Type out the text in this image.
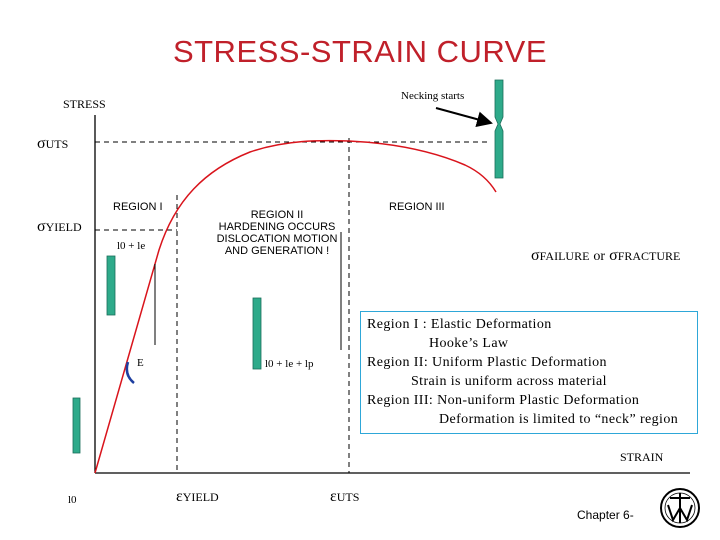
STRESS-STRAIN CURVE
STRESS
STRAIN
σUTS
σYIELD
Necking starts
REGION I	REGION III
REGION II
HARDENING OCCURS
DISLOCATION MOTION
AND GENERATION !	σFAILURE or σFRACTURE
l0 + le
l0 + le + lp
l0
E
εYIELD	εUTS
Region I : Elastic Deformation
Hooke’s Law
Region II: Uniform Plastic Deformation
Strain is uniform across material
Region III: Non-uniform Plastic Deformation
Deformation is limited to “neck” region
Chapter 6-
